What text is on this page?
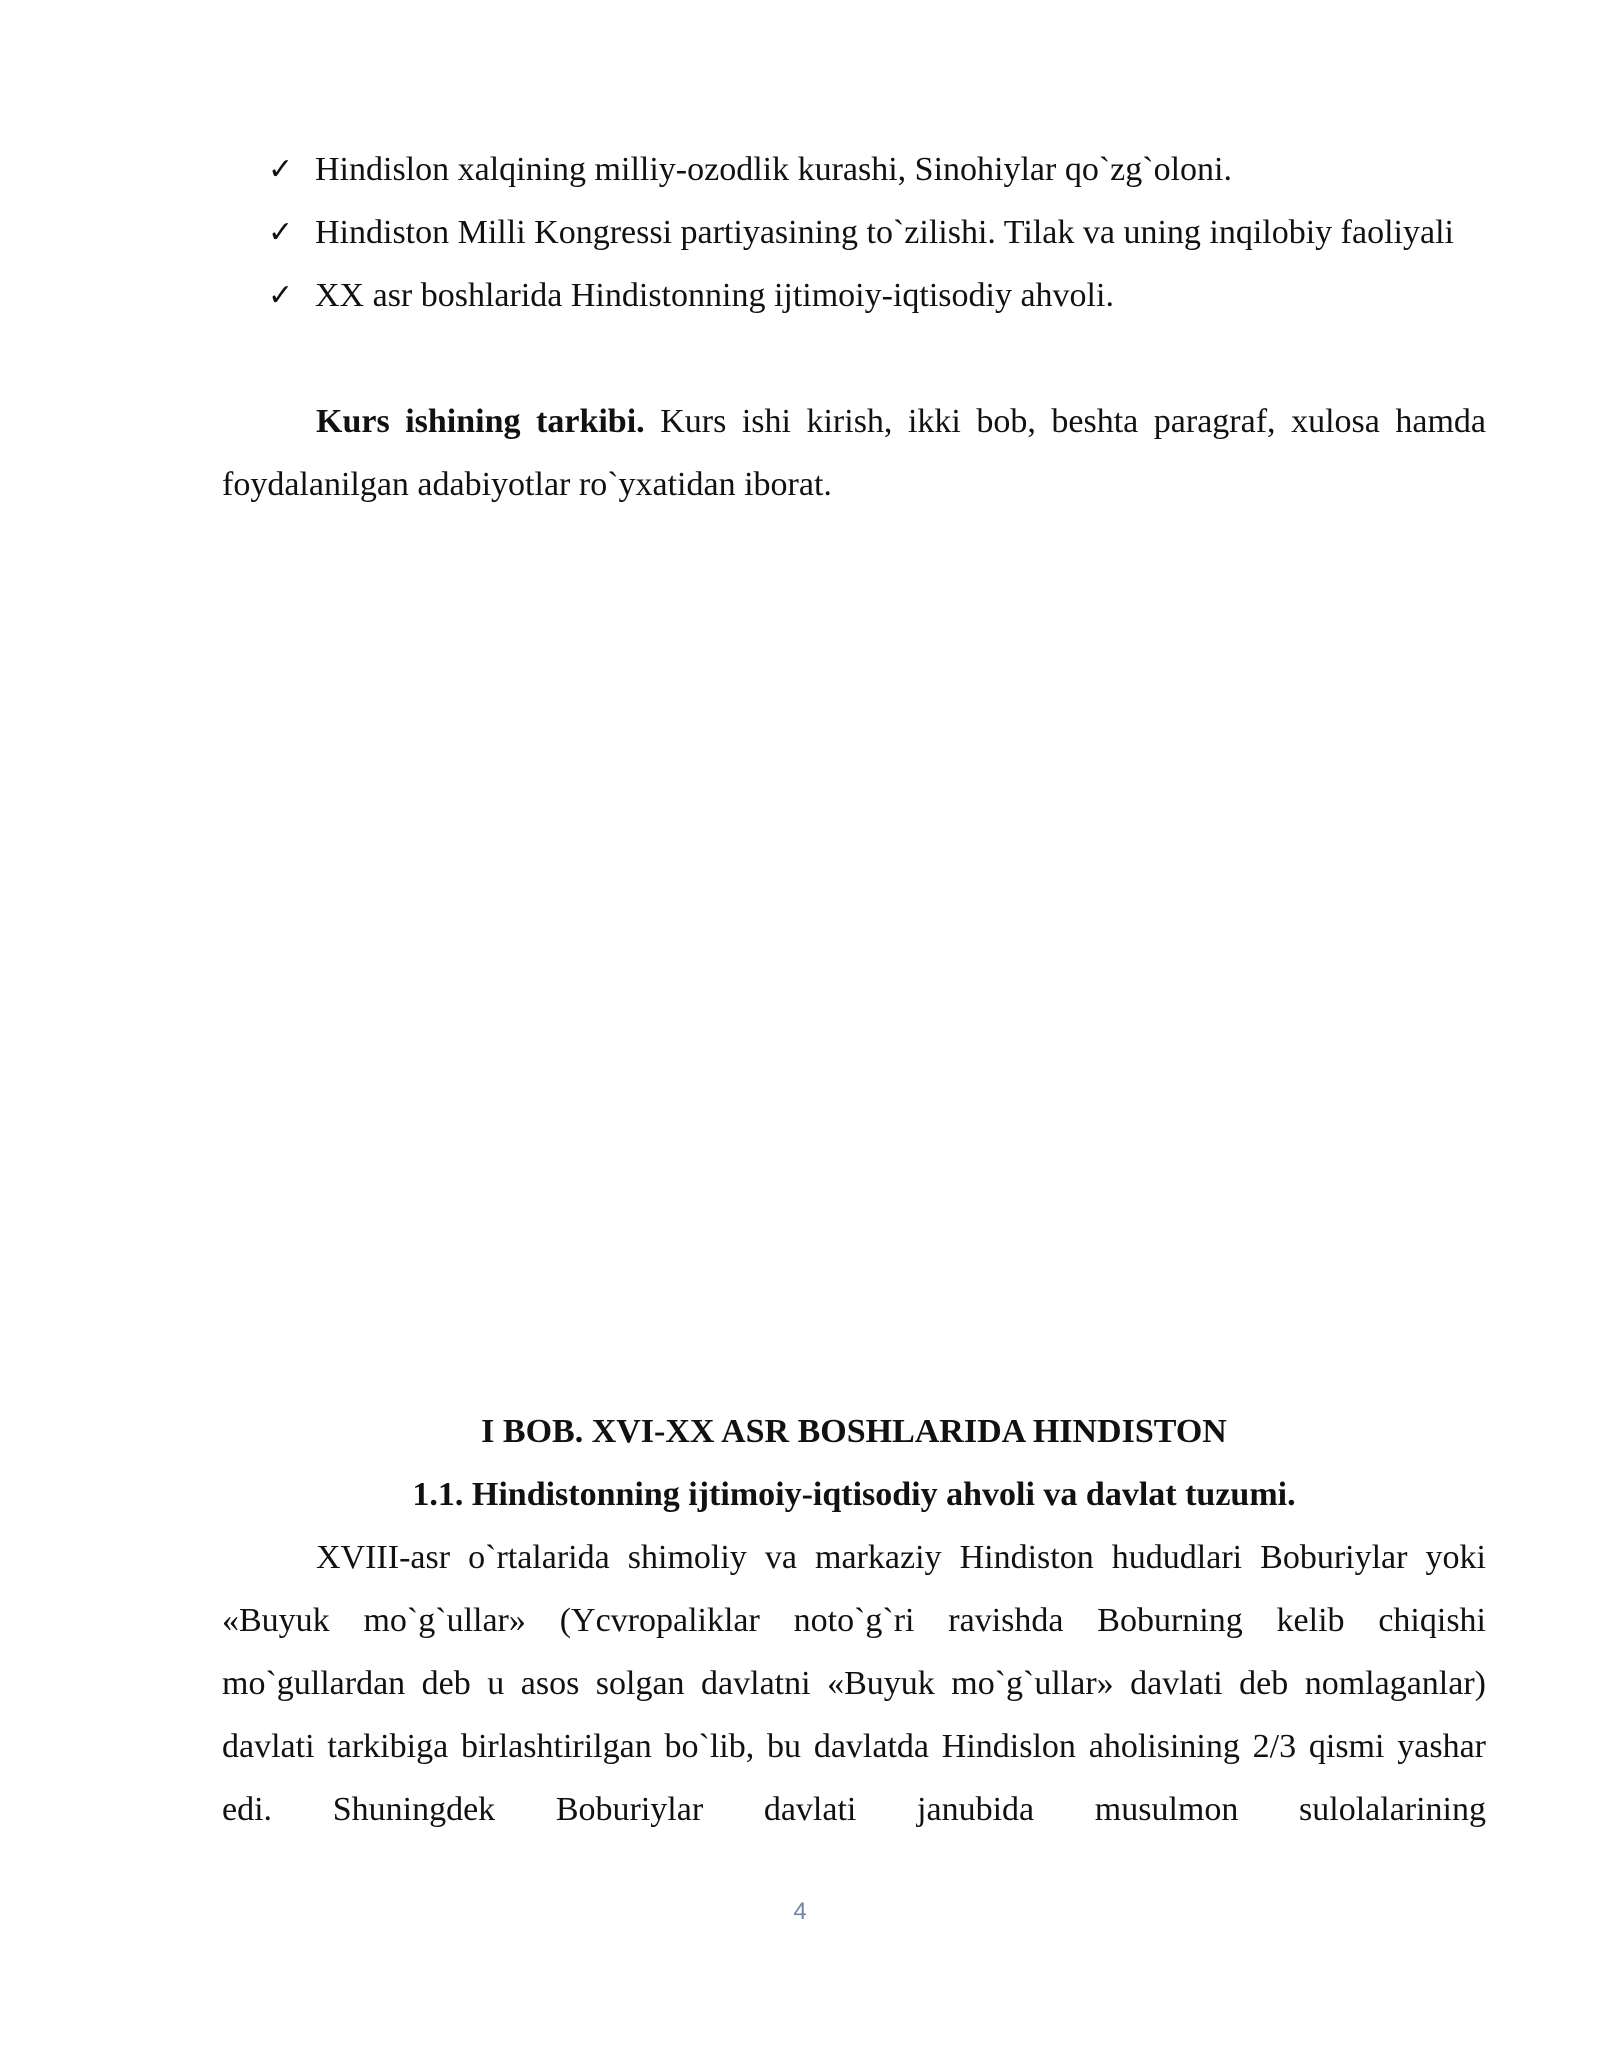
✓ Hindislon xalqining milliy-ozodlik kurashi, Sinohiylar qo`zg`oloni.
✓ Hindiston Milli Kongressi partiyasining to`zilishi. Tilak va uning inqilobiy faoliyali
✓ XX asr boshlarida Hindistonning ijtimoiy-iqtisodiy ahvoli.

Kurs ishining tarkibi. Kurs ishi kirish, ikki bob, beshta paragraf, xulosa hamda foydalanilgan adabiyotlar ro`yxatidan iborat.

I BOB. XVI-XX ASR BOSHLARIDA HINDISTON
1.1. Hindistonning ijtimoiy-iqtisodiy ahvoli va davlat tuzumi.

XVIII-asr o`rtalarida shimoliy va markaziy Hindiston hududlari Boburiylar yoki «Buyuk mo`g`ullar» (Ycvropaliklar noto`g`ri ravishda Boburning kelib chiqishi mo`gullardan deb u asos solgan davlatni «Buyuk mo`g`ullar» davlati deb nomlaganlar) davlati tarkibiga birlashtirilgan bo`lib, bu davlatda Hindislon aholisining 2/3 qismi yashar edi. Shuningdek Boburiylar davlati janubida musulmon sulolalarining

4
